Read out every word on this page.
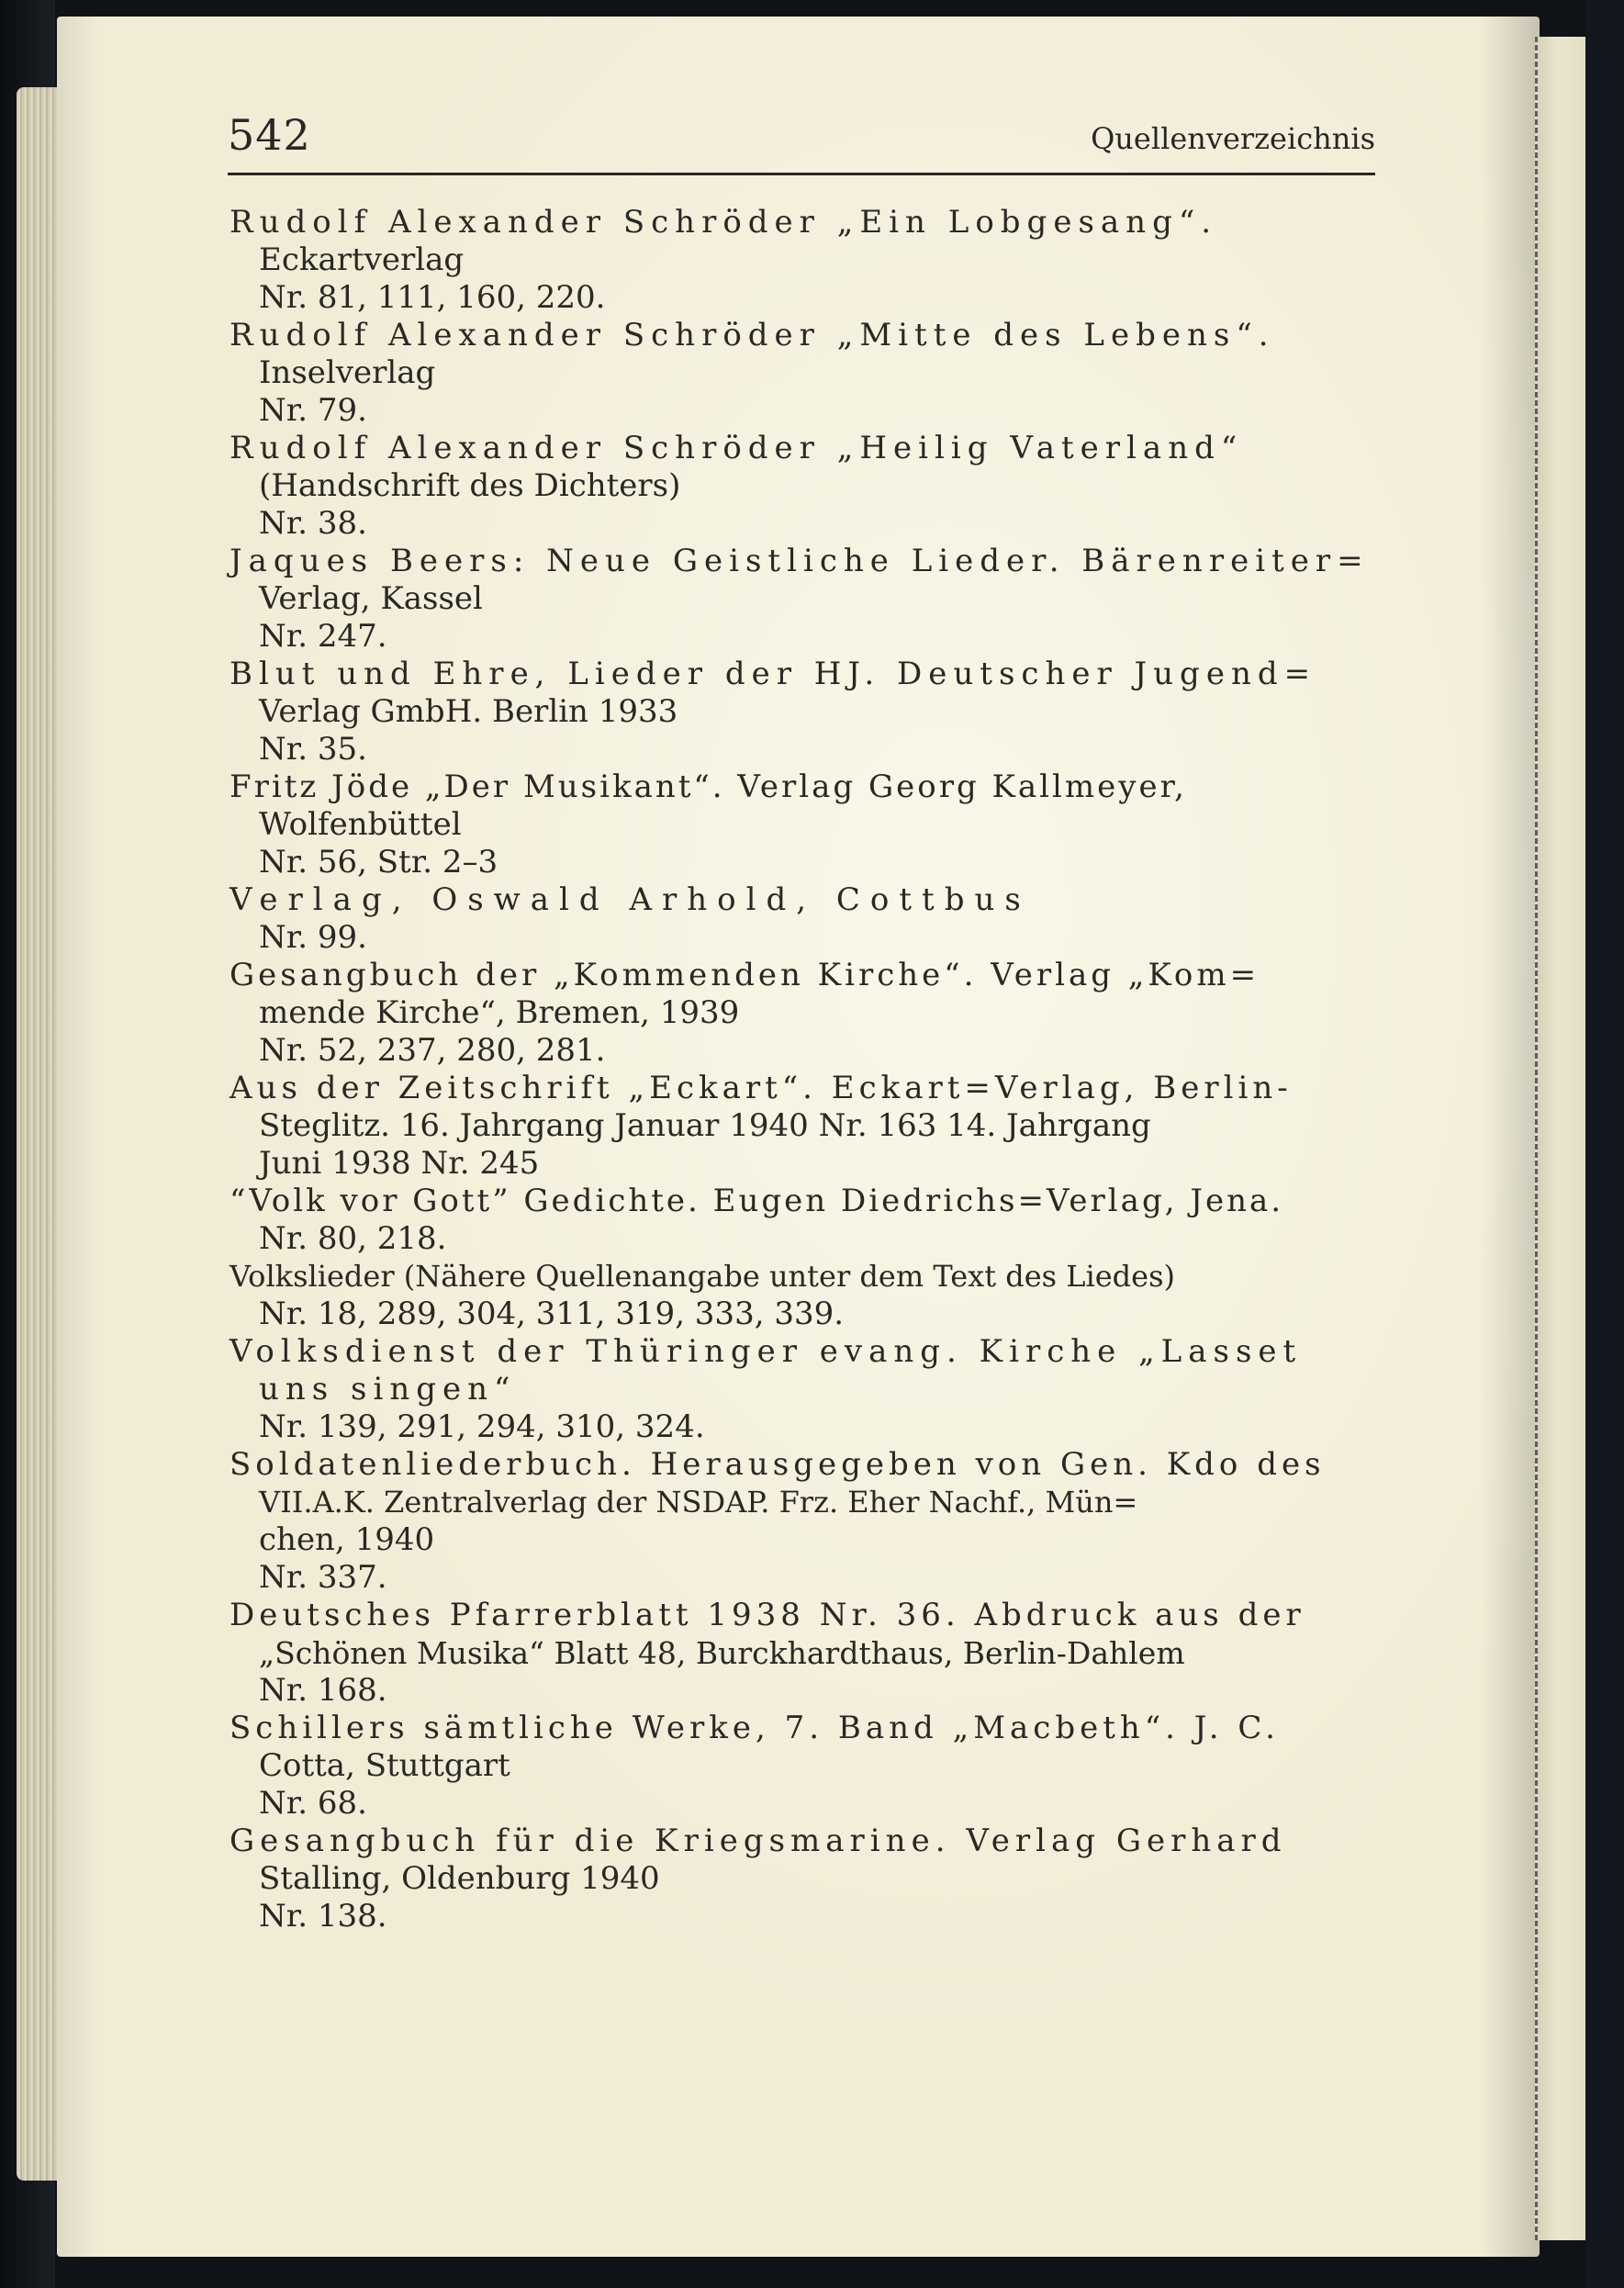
542	Quellenverzeichnis
Rudolf Alexander Schröder „Ein Lobgesang“.
Eckartverlag
Nr. 81, 111, 160, 220.
Rudolf Alexander Schröder „Mitte des Lebens“.
Inselverlag
Nr. 79.
Rudolf Alexander Schröder „Heilig Vaterland“
(Handschrift des Dichters)
Nr. 38.
Jaques Beers: Neue Geistliche Lieder. Bärenreiter=
Verlag, Kassel
Nr. 247.
Blut und Ehre, Lieder der HJ. Deutscher Jugend=
Verlag GmbH. Berlin 1933
Nr. 35.
Fritz Jöde „Der Musikant“. Verlag Georg Kallmeyer,
Wolfenbüttel
Nr. 56, Str. 2–3
Verlag, Oswald Arhold, Cottbus
Nr. 99.
Gesangbuch der „Kommenden Kirche“. Verlag „Kom=
mende Kirche“, Bremen, 1939
Nr. 52, 237, 280, 281.
Aus der Zeitschrift „Eckart“. Eckart=Verlag, Berlin-
Steglitz. 16. Jahrgang Januar 1940 Nr. 163 14. Jahrgang
Juni 1938 Nr. 245
“Volk vor Gott” Gedichte. Eugen Diedrichs=Verlag, Jena.
Nr. 80, 218.
Volkslieder (Nähere Quellenangabe unter dem Text des Liedes)
Nr. 18, 289, 304, 311, 319, 333, 339.
Volksdienst der Thüringer evang. Kirche „Lasset
uns singen“
Nr. 139, 291, 294, 310, 324.
Soldatenliederbuch. Herausgegeben von Gen. Kdo des
VII.A.K. Zentralverlag der NSDAP. Frz. Eher Nachf., Mün=
chen, 1940
Nr. 337.
Deutsches Pfarrerblatt 1938 Nr. 36. Abdruck aus der
„Schönen Musika“ Blatt 48, Burckhardthaus, Berlin-Dahlem
Nr. 168.
Schillers sämtliche Werke, 7. Band „Macbeth“. J. C.
Cotta, Stuttgart
Nr. 68.
Gesangbuch für die Kriegsmarine. Verlag Gerhard
Stalling, Oldenburg 1940
Nr. 138.
